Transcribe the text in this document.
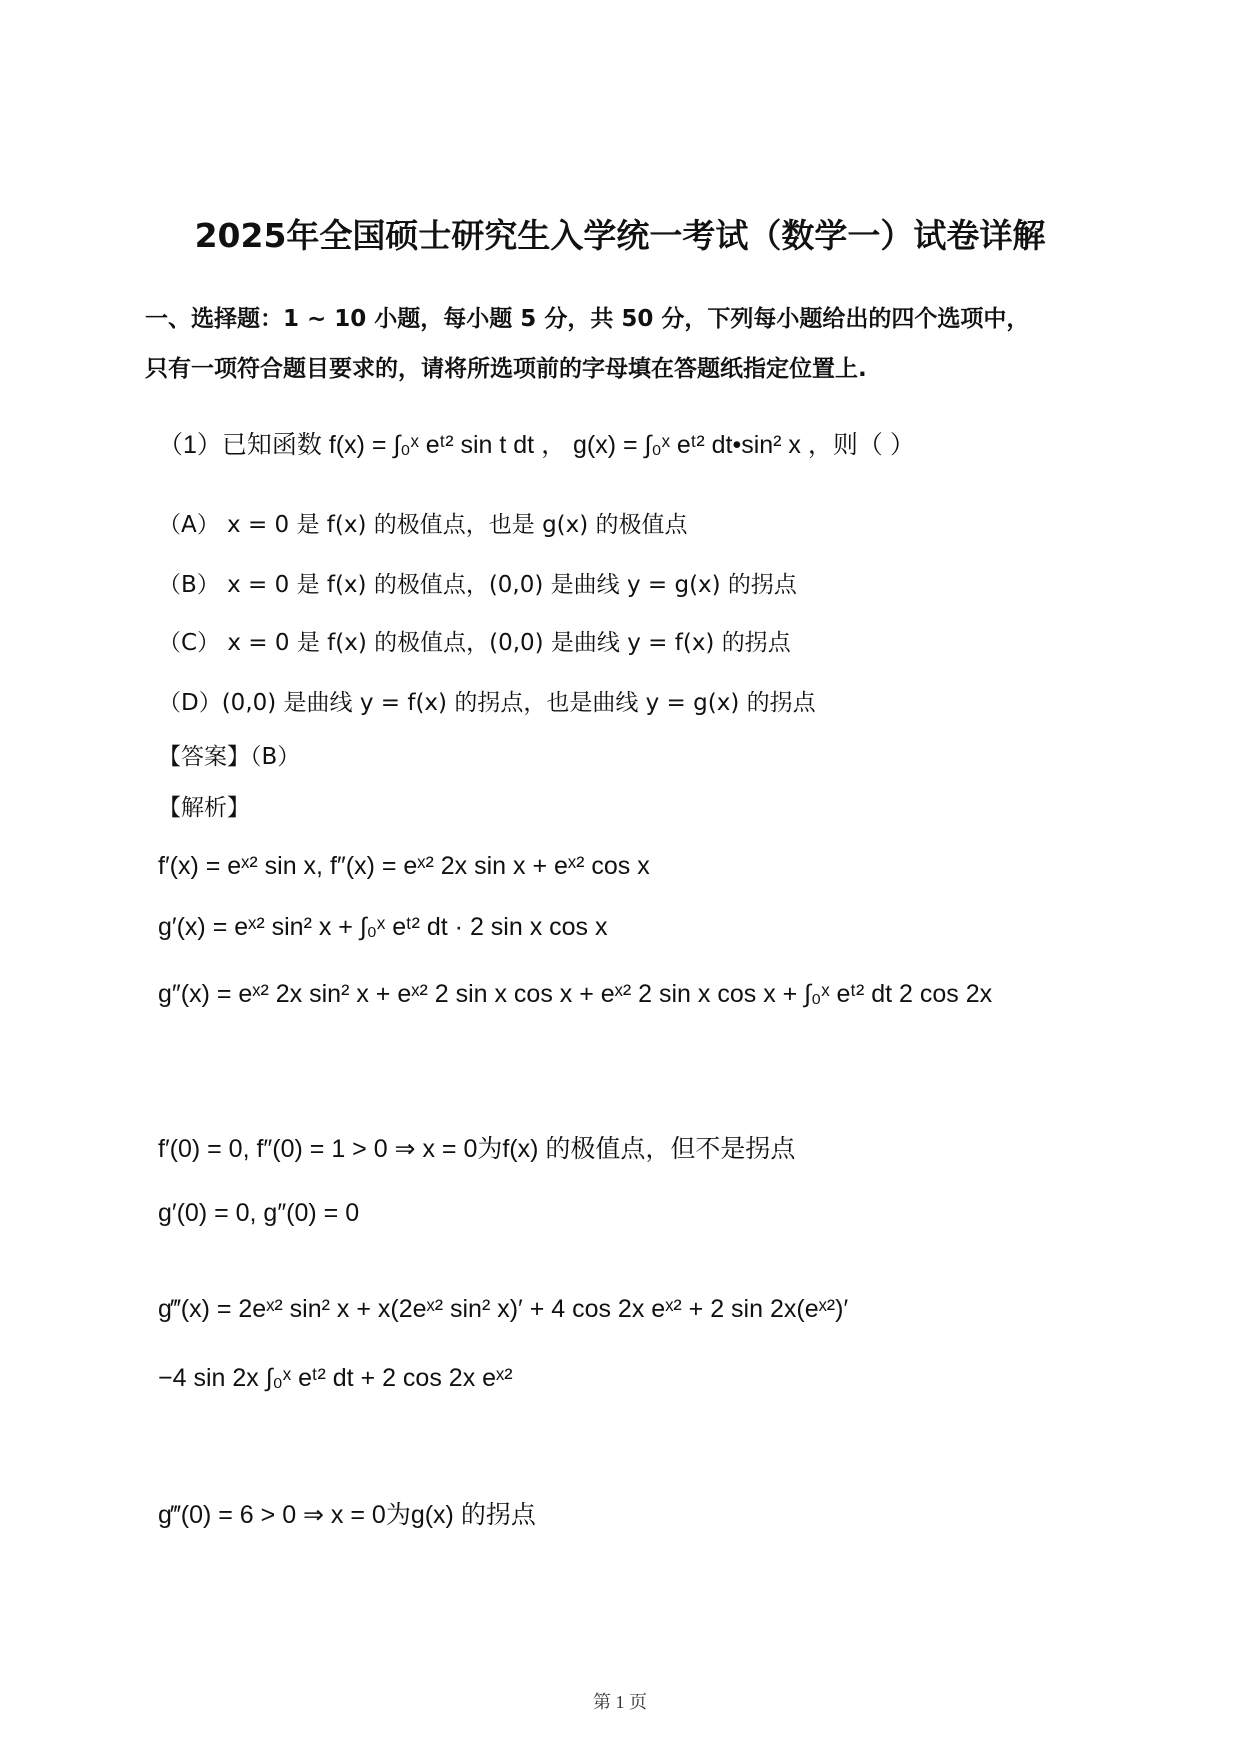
2025年全国硕士研究生入学统一考试（数学一）试卷详解
一、选择题：1 ~ 10 小题，每小题 5 分，共 50 分，下列每小题给出的四个选项中，
只有一项符合题目要求的，请将所选项前的字母填在答题纸指定位置上.
（1）已知函数 f(x) = ∫₀ˣ eᵗ² sin t dt ， g(x) = ∫₀ˣ eᵗ² dt•sin² x ，则（ ）
（A） x = 0 是 f(x) 的极值点，也是 g(x) 的极值点
（B） x = 0 是 f(x) 的极值点，(0,0) 是曲线 y = g(x) 的拐点
（C） x = 0 是 f(x) 的极值点，(0,0) 是曲线 y = f(x) 的拐点
（D）(0,0) 是曲线 y = f(x) 的拐点，也是曲线 y = g(x) 的拐点
【答案】（B）
【解析】
f′(x) = eˣ² sin x, f″(x) = eˣ² 2x sin x + eˣ² cos x
g′(x) = eˣ² sin² x + ∫₀ˣ eᵗ² dt · 2 sin x cos x
g″(x) = eˣ² 2x sin² x + eˣ² 2 sin x cos x + eˣ² 2 sin x cos x + ∫₀ˣ eᵗ² dt 2 cos 2x
f′(0) = 0, f″(0) = 1 > 0 ⇒ x = 0为f(x) 的极值点，但不是拐点
g′(0) = 0, g″(0) = 0
g‴(x) = 2eˣ² sin² x + x(2eˣ² sin² x)′ + 4 cos 2x eˣ² + 2 sin 2x(eˣ²)′
−4 sin 2x ∫₀ˣ eᵗ² dt + 2 cos 2x eˣ²
g‴(0) = 6 > 0 ⇒ x = 0为g(x) 的拐点
第 1 页
